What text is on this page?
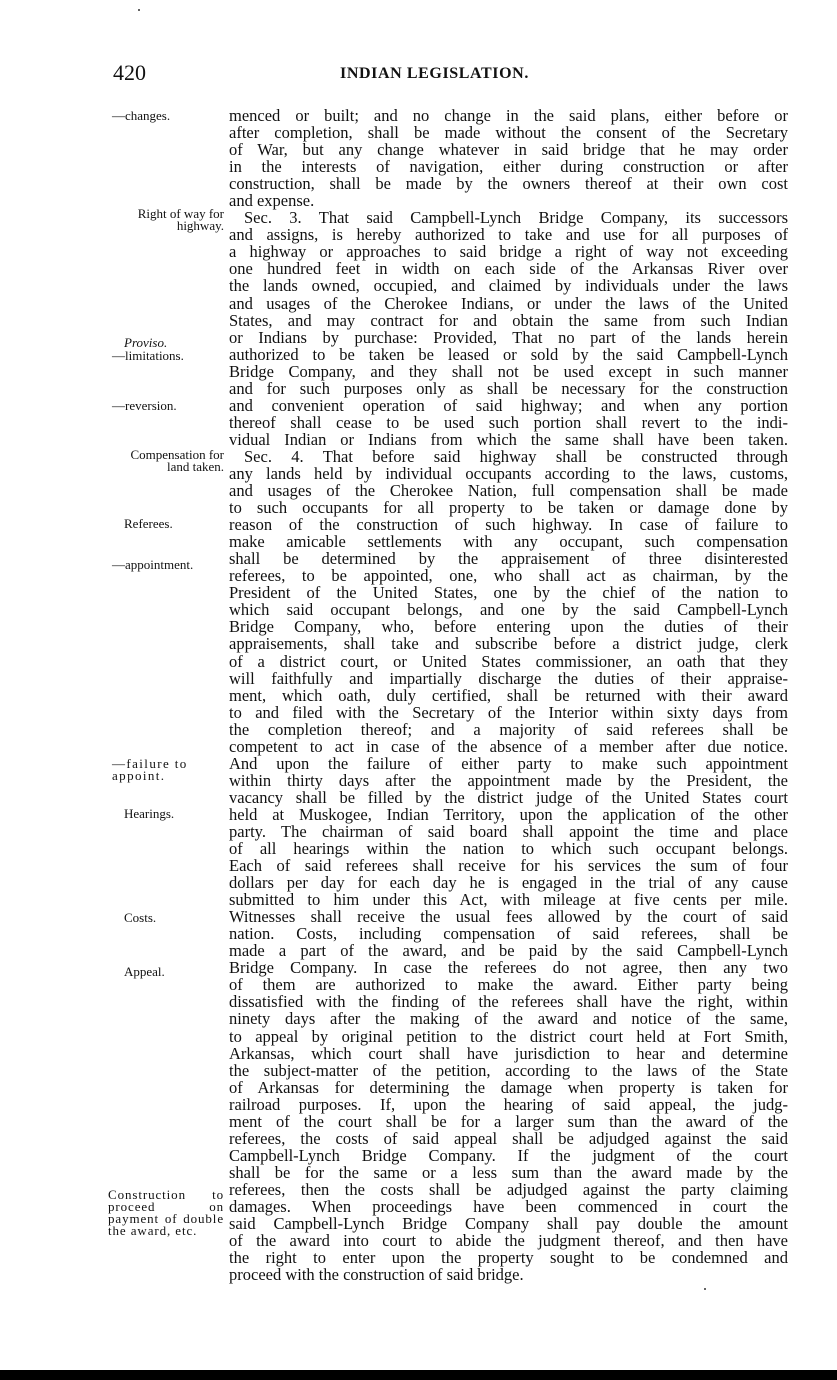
420	INDIAN LEGISLATION.
—changes.
Right of way for highway.
Proviso.
—limitations.
—reversion.
Compensation for land taken.
Referees.
—appointment.
—failure to appoint.
Hearings.
Costs.
Appeal.
Construction to proceed on payment of double the award, etc.
menced or built; and no change in the said plans, either before or
after completion, shall be made without the consent of the Secretary
of War, but any change whatever in said bridge that he may order
in the interests of navigation, either during construction or after
construction, shall be made by the owners thereof at their own cost
and expense.
Sec. 3. That said Campbell-Lynch Bridge Company, its successors
and assigns, is hereby authorized to take and use for all purposes of
a highway or approaches to said bridge a right of way not exceeding
one hundred feet in width on each side of the Arkansas River over
the lands owned, occupied, and claimed by individuals under the laws
and usages of the Cherokee Indians, or under the laws of the United
States, and may contract for and obtain the same from such Indian
or Indians by purchase: Provided, That no part of the lands herein
authorized to be taken be leased or sold by the said Campbell-Lynch
Bridge Company, and they shall not be used except in such manner
and for such purposes only as shall be necessary for the construction
and convenient operation of said highway; and when any portion
thereof shall cease to be used such portion shall revert to the indi-
vidual Indian or Indians from which the same shall have been taken.
Sec. 4. That before said highway shall be constructed through
any lands held by individual occupants according to the laws, customs,
and usages of the Cherokee Nation, full compensation shall be made
to such occupants for all property to be taken or damage done by
reason of the construction of such highway. In case of failure to
make amicable settlements with any occupant, such compensation
shall be determined by the appraisement of three disinterested
referees, to be appointed, one, who shall act as chairman, by the
President of the United States, one by the chief of the nation to
which said occupant belongs, and one by the said Campbell-Lynch
Bridge Company, who, before entering upon the duties of their
appraisements, shall take and subscribe before a district judge, clerk
of a district court, or United States commissioner, an oath that they
will faithfully and impartially discharge the duties of their appraise-
ment, which oath, duly certified, shall be returned with their award
to and filed with the Secretary of the Interior within sixty days from
the completion thereof; and a majority of said referees shall be
competent to act in case of the absence of a member after due notice.
And upon the failure of either party to make such appointment
within thirty days after the appointment made by the President, the
vacancy shall be filled by the district judge of the United States court
held at Muskogee, Indian Territory, upon the application of the other
party. The chairman of said board shall appoint the time and place
of all hearings within the nation to which such occupant belongs.
Each of said referees shall receive for his services the sum of four
dollars per day for each day he is engaged in the trial of any cause
submitted to him under this Act, with mileage at five cents per mile.
Witnesses shall receive the usual fees allowed by the court of said
nation. Costs, including compensation of said referees, shall be
made a part of the award, and be paid by the said Campbell-Lynch
Bridge Company. In case the referees do not agree, then any two
of them are authorized to make the award. Either party being
dissatisfied with the finding of the referees shall have the right, within
ninety days after the making of the award and notice of the same,
to appeal by original petition to the district court held at Fort Smith,
Arkansas, which court shall have jurisdiction to hear and determine
the subject-matter of the petition, according to the laws of the State
of Arkansas for determining the damage when property is taken for
railroad purposes. If, upon the hearing of said appeal, the judg-
ment of the court shall be for a larger sum than the award of the
referees, the costs of said appeal shall be adjudged against the said
Campbell-Lynch Bridge Company. If the judgment of the court
shall be for the same or a less sum than the award made by the
referees, then the costs shall be adjudged against the party claiming
damages. When proceedings have been commenced in court the
said Campbell-Lynch Bridge Company shall pay double the amount
of the award into court to abide the judgment thereof, and then have
the right to enter upon the property sought to be condemned and
proceed with the construction of said bridge.
